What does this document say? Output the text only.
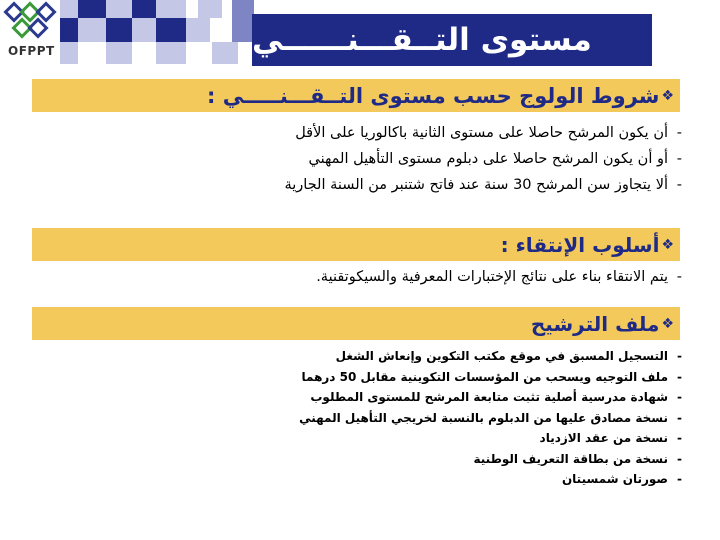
OFPPT	مستوى التــقـــنــــــي
❖
شروط الولوج حسب مستوى التــقـــنـــــي :
-
أن يكون المرشح حاصلا على مستوى الثانية باكالوريا على الأقل
-
أو أن يكون المرشح حاصلا على دبلوم مستوى التأهيل المهني
-
ألا يتجاوز سن المرشح 30 سنة عند فاتح شتنبر من السنة الجارية
❖
أسلوب الإنتقاء :
-
يتم الانتقاء بناء على نتائج الإختبارات المعرفية والسيكوتقنية.
❖
ملف الترشيح
-
التسجيل المسبق في موقع مكتب التكوين وإنعاش الشغل
-
ملف التوجيه ويسحب من المؤسسات التكوينية مقابل 50 درهما
-
شهادة مدرسية أصلية تثبت متابعة المرشح للمستوى المطلوب
-
نسخة مصادق عليها من الدبلوم بالنسبة لخريجي التأهيل المهني
-
نسخة من عقد الازدياد
-
نسخة من بطاقة التعريف الوطنية
-
صورتان شمسيتان
